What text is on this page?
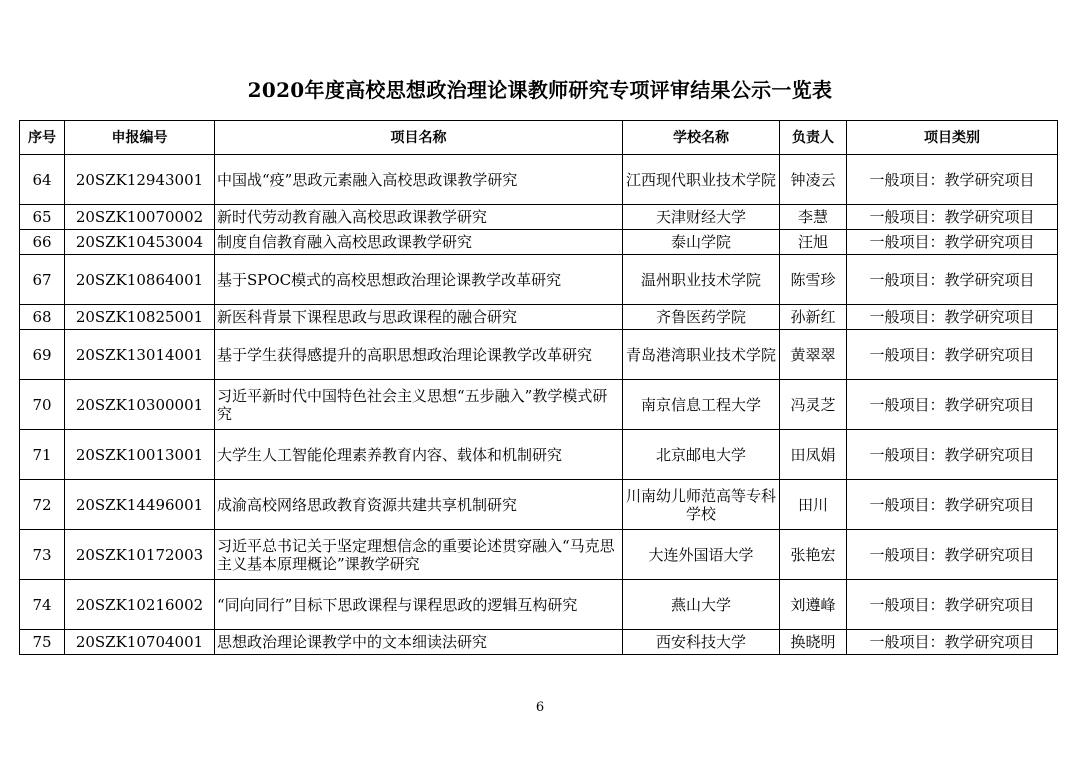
2020年度高校思想政治理论课教师研究专项评审结果公示一览表
序号	申报编号	项目名称	学校名称	负责人	项目类别
64	20SZK12943001	中国战“疫”思政元素融入高校思政课教学研究	江西现代职业技术学院	钟凌云	一般项目：教学研究项目
65	20SZK10070002	新时代劳动教育融入高校思政课教学研究	天津财经大学	李慧	一般项目：教学研究项目
66	20SZK10453004	制度自信教育融入高校思政课教学研究	泰山学院	汪旭	一般项目：教学研究项目
67	20SZK10864001	基于SPOC模式的高校思想政治理论课教学改革研究	温州职业技术学院	陈雪珍	一般项目：教学研究项目
68	20SZK10825001	新医科背景下课程思政与思政课程的融合研究	齐鲁医药学院	孙新红	一般项目：教学研究项目
69	20SZK13014001	基于学生获得感提升的高职思想政治理论课教学改革研究	青岛港湾职业技术学院	黄翠翠	一般项目：教学研究项目
70	20SZK10300001	习近平新时代中国特色社会主义思想“五步融入”教学模式研究	南京信息工程大学	冯灵芝	一般项目：教学研究项目
71	20SZK10013001	大学生人工智能伦理素养教育内容、载体和机制研究	北京邮电大学	田凤娟	一般项目：教学研究项目
72	20SZK14496001	成渝高校网络思政教育资源共建共享机制研究	川南幼儿师范高等专科学校	田川	一般项目：教学研究项目
73	20SZK10172003	习近平总书记关于坚定理想信念的重要论述贯穿融入“马克思主义基本原理概论”课教学研究	大连外国语大学	张艳宏	一般项目：教学研究项目
74	20SZK10216002	“同向同行”目标下思政课程与课程思政的逻辑互构研究	燕山大学	刘遵峰	一般项目：教学研究项目
75	20SZK10704001	思想政治理论课教学中的文本细读法研究	西安科技大学	换晓明	一般项目：教学研究项目
6
